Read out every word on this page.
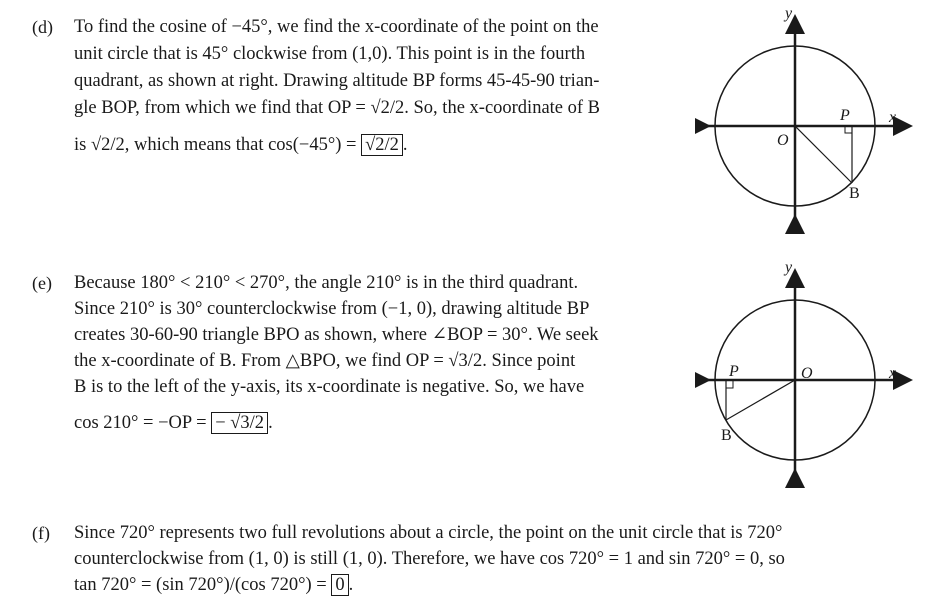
(d) To find the cosine of −45°, we find the x-coordinate of the point on the
unit circle that is 45° clockwise from (1,0). This point is in the fourth
quadrant, as shown at right. Drawing altitude BP forms 45-45-90 trian-
gle BOP, from which we find that OP = √2/2. So, the x-coordinate of B
is √2/2, which means that cos(−45°) = √2/2 .
(e) Because 180° < 210° < 270°, the angle 210° is in the third quadrant.
Since 210° is 30° counterclockwise from (−1, 0), drawing altitude BP
creates 30-60-90 triangle BPO as shown, where ∠BOP = 30°. We seek
the x-coordinate of B. From △BPO, we find OP = √3/2. Since point
B is to the left of the y-axis, its x-coordinate is negative. So, we have
cos 210° = −OP = − √3/2 .
(f) Since 720° represents two full revolutions about a circle, the point on the unit circle that is 720°
counterclockwise from (1, 0) is still (1, 0). Therefore, we have cos 720° = 1 and sin 720° = 0, so
tan 720° = (sin 720°)/(cos 720°) = 0 .
y
x
O
P
B
y
x
O
P
B
